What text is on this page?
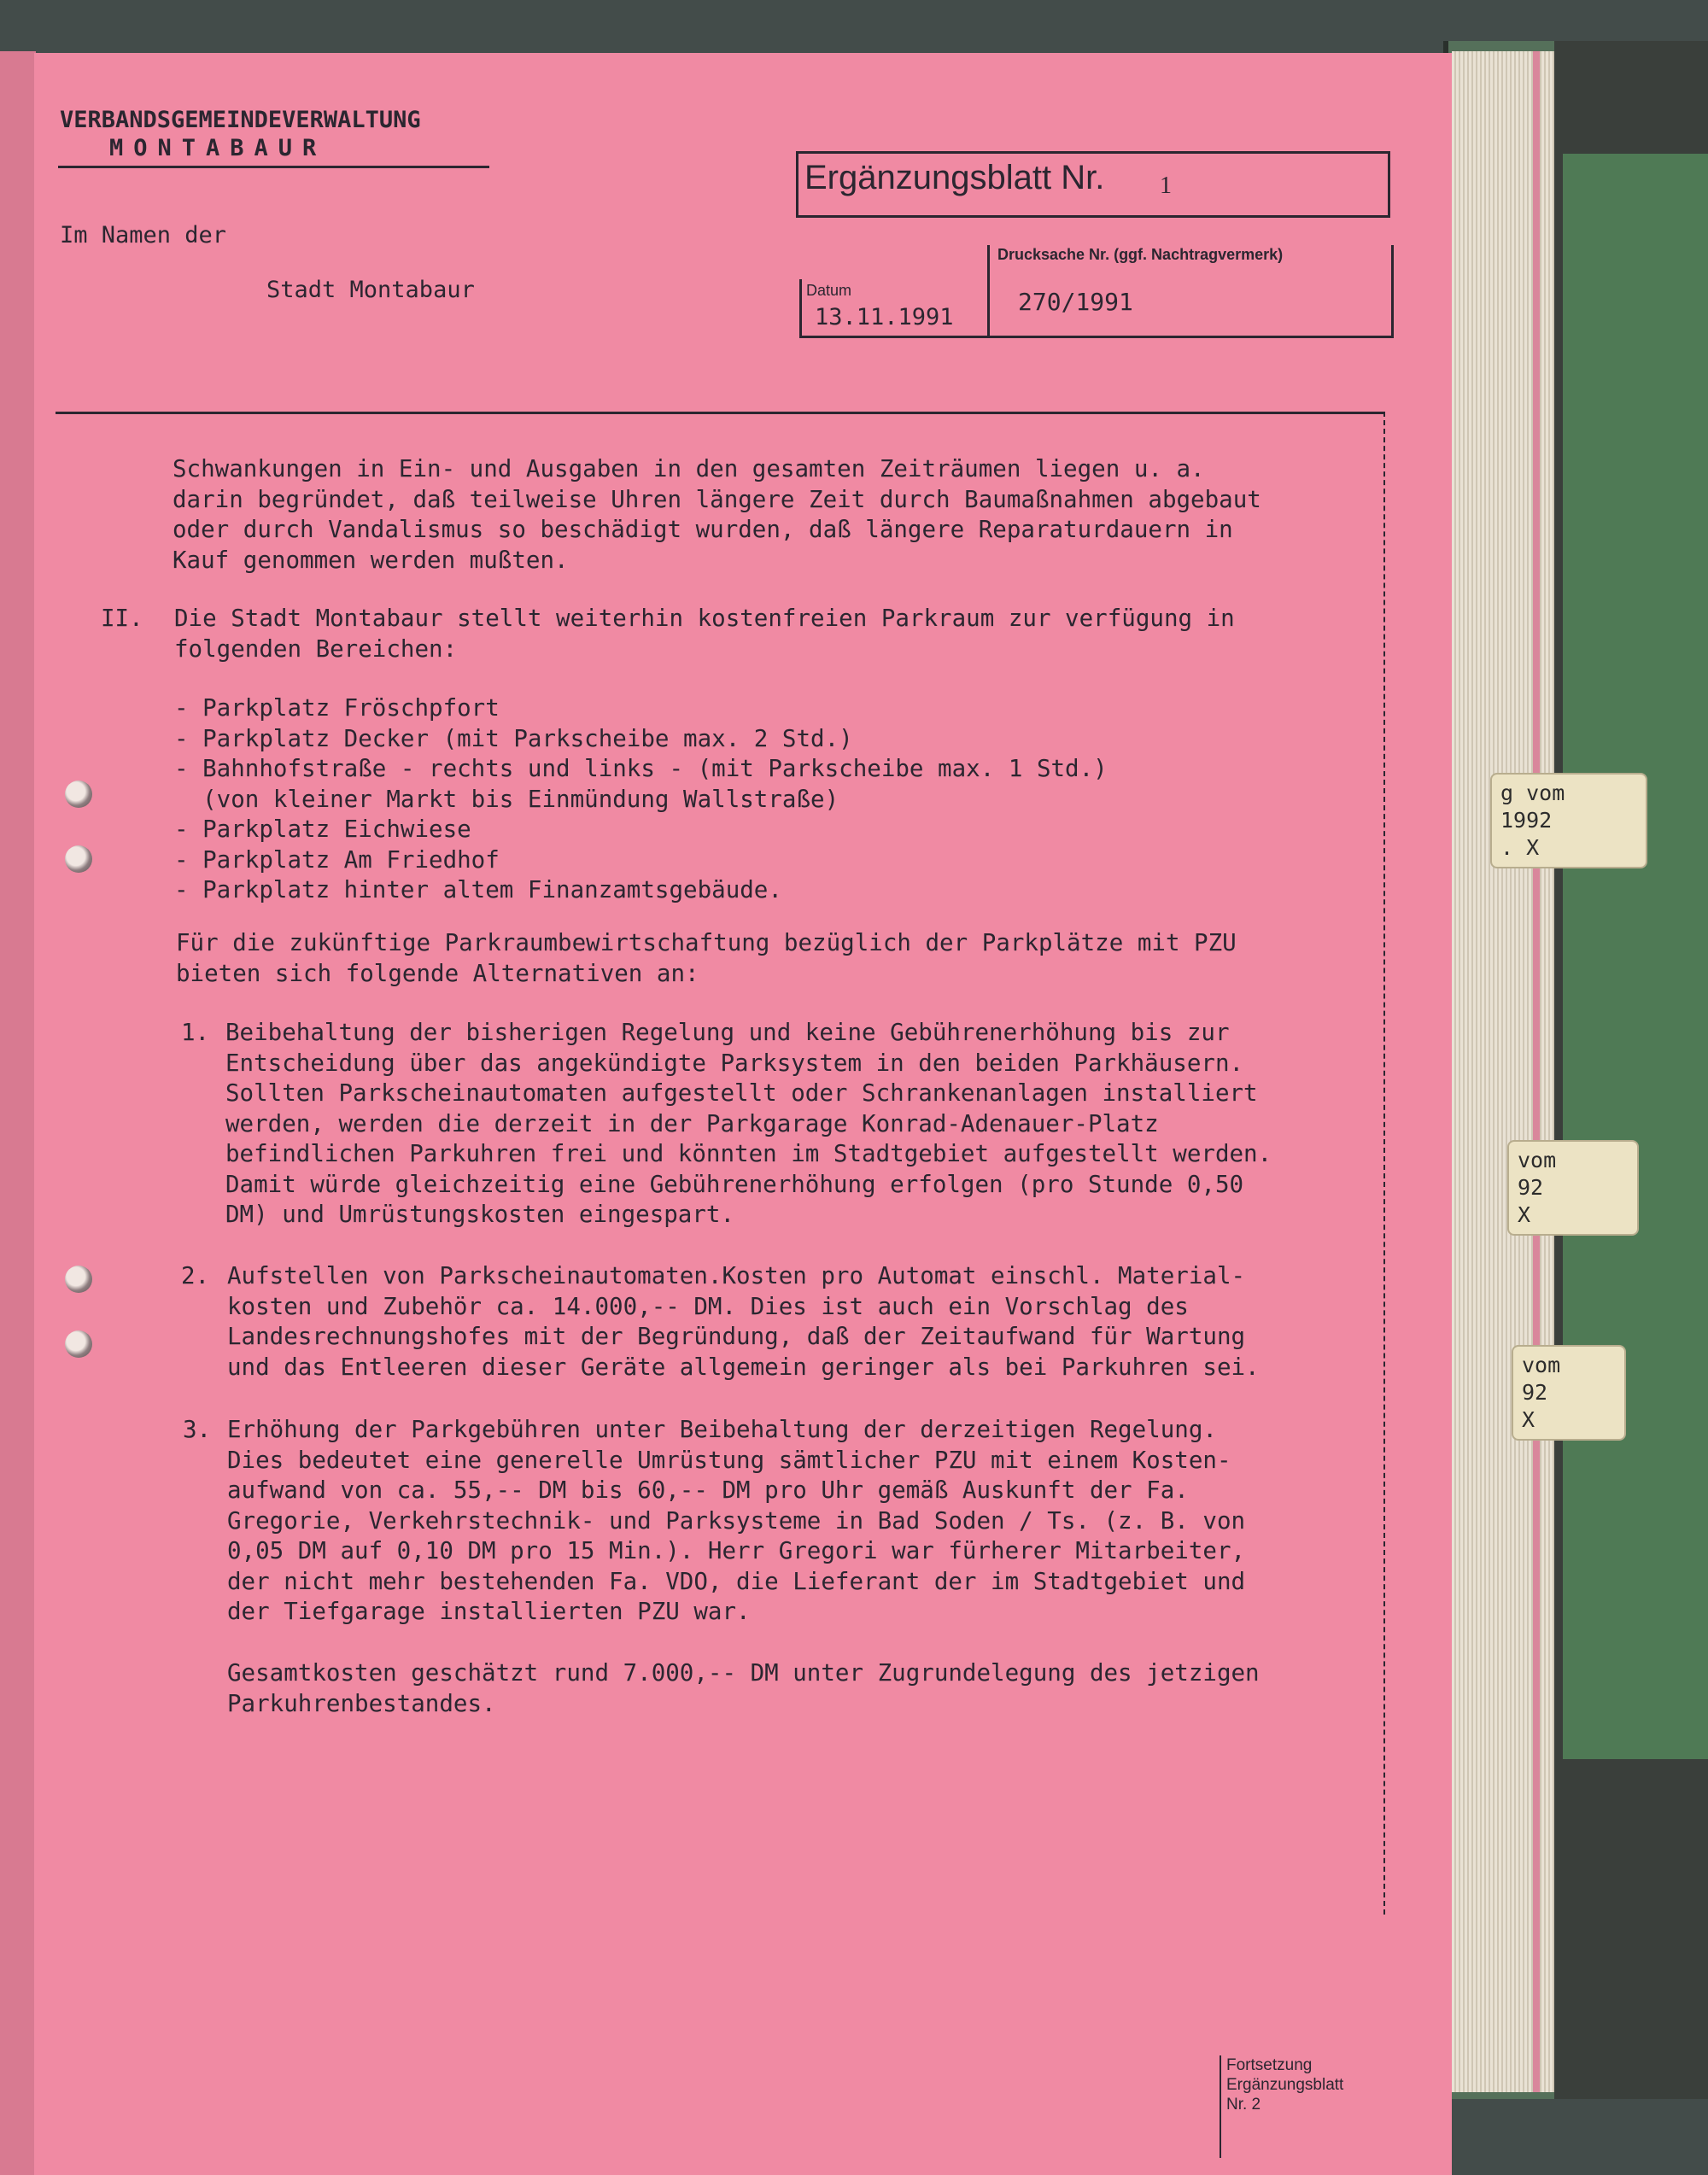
g vom
1992
. X
vom
92
X
vom
92
X
VERBANDSGEMEINDEVERWALTUNG
MONTABAUR
Im Namen der
Stadt Montabaur
Ergänzungsblatt Nr. 1
Datum
13.11.1991
Drucksache Nr. (ggf. Nachtragvermerk)
270/1991
Schwankungen in Ein- und Ausgaben in den gesamten Zeiträumen liegen u. a.
darin begründet, daß teilweise Uhren längere Zeit durch Baumaßnahmen abgebaut
oder durch Vandalismus so beschädigt wurden, daß längere Reparaturdauern in
Kauf genommen werden mußten.
II. Die Stadt Montabaur stellt weiterhin kostenfreien Parkraum zur verfügung in
folgenden Bereichen:
- Parkplatz Fröschpfort
- Parkplatz Decker (mit Parkscheibe max. 2 Std.)
- Bahnhofstraße - rechts und links - (mit Parkscheibe max. 1 Std.)
(von kleiner Markt bis Einmündung Wallstraße)
- Parkplatz Eichwiese
- Parkplatz Am Friedhof
- Parkplatz hinter altem Finanzamtsgebäude.
Für die zukünftige Parkraumbewirtschaftung bezüglich der Parkplätze mit PZU
bieten sich folgende Alternativen an:
1. Beibehaltung der bisherigen Regelung und keine Gebührenerhöhung bis zur
Entscheidung über das angekündigte Parksystem in den beiden Parkhäusern.
Sollten Parkscheinautomaten aufgestellt oder Schrankenanlagen installiert
werden, werden die derzeit in der Parkgarage Konrad-Adenauer-Platz
befindlichen Parkuhren frei und könnten im Stadtgebiet aufgestellt werden.
Damit würde gleichzeitig eine Gebührenerhöhung erfolgen (pro Stunde 0,50
DM) und Umrüstungskosten eingespart.
2. Aufstellen von Parkscheinautomaten.Kosten pro Automat einschl. Material-
kosten und Zubehör ca. 14.000,-- DM. Dies ist auch ein Vorschlag des
Landesrechnungshofes mit der Begründung, daß der Zeitaufwand für Wartung
und das Entleeren dieser Geräte allgemein geringer als bei Parkuhren sei.
3. Erhöhung der Parkgebühren unter Beibehaltung der derzeitigen Regelung.
Dies bedeutet eine generelle Umrüstung sämtlicher PZU mit einem Kosten-
aufwand von ca. 55,-- DM bis 60,-- DM pro Uhr gemäß Auskunft der Fa.
Gregorie, Verkehrstechnik- und Parksysteme in Bad Soden / Ts. (z. B. von
0,05 DM auf 0,10 DM pro 15 Min.). Herr Gregori war fürherer Mitarbeiter,
der nicht mehr bestehenden Fa. VDO, die Lieferant der im Stadtgebiet und
der Tiefgarage installierten PZU war.
Gesamtkosten geschätzt rund 7.000,-- DM unter Zugrundelegung des jetzigen
Parkuhrenbestandes.
Fortsetzung
Ergänzungsblatt
Nr. 2
